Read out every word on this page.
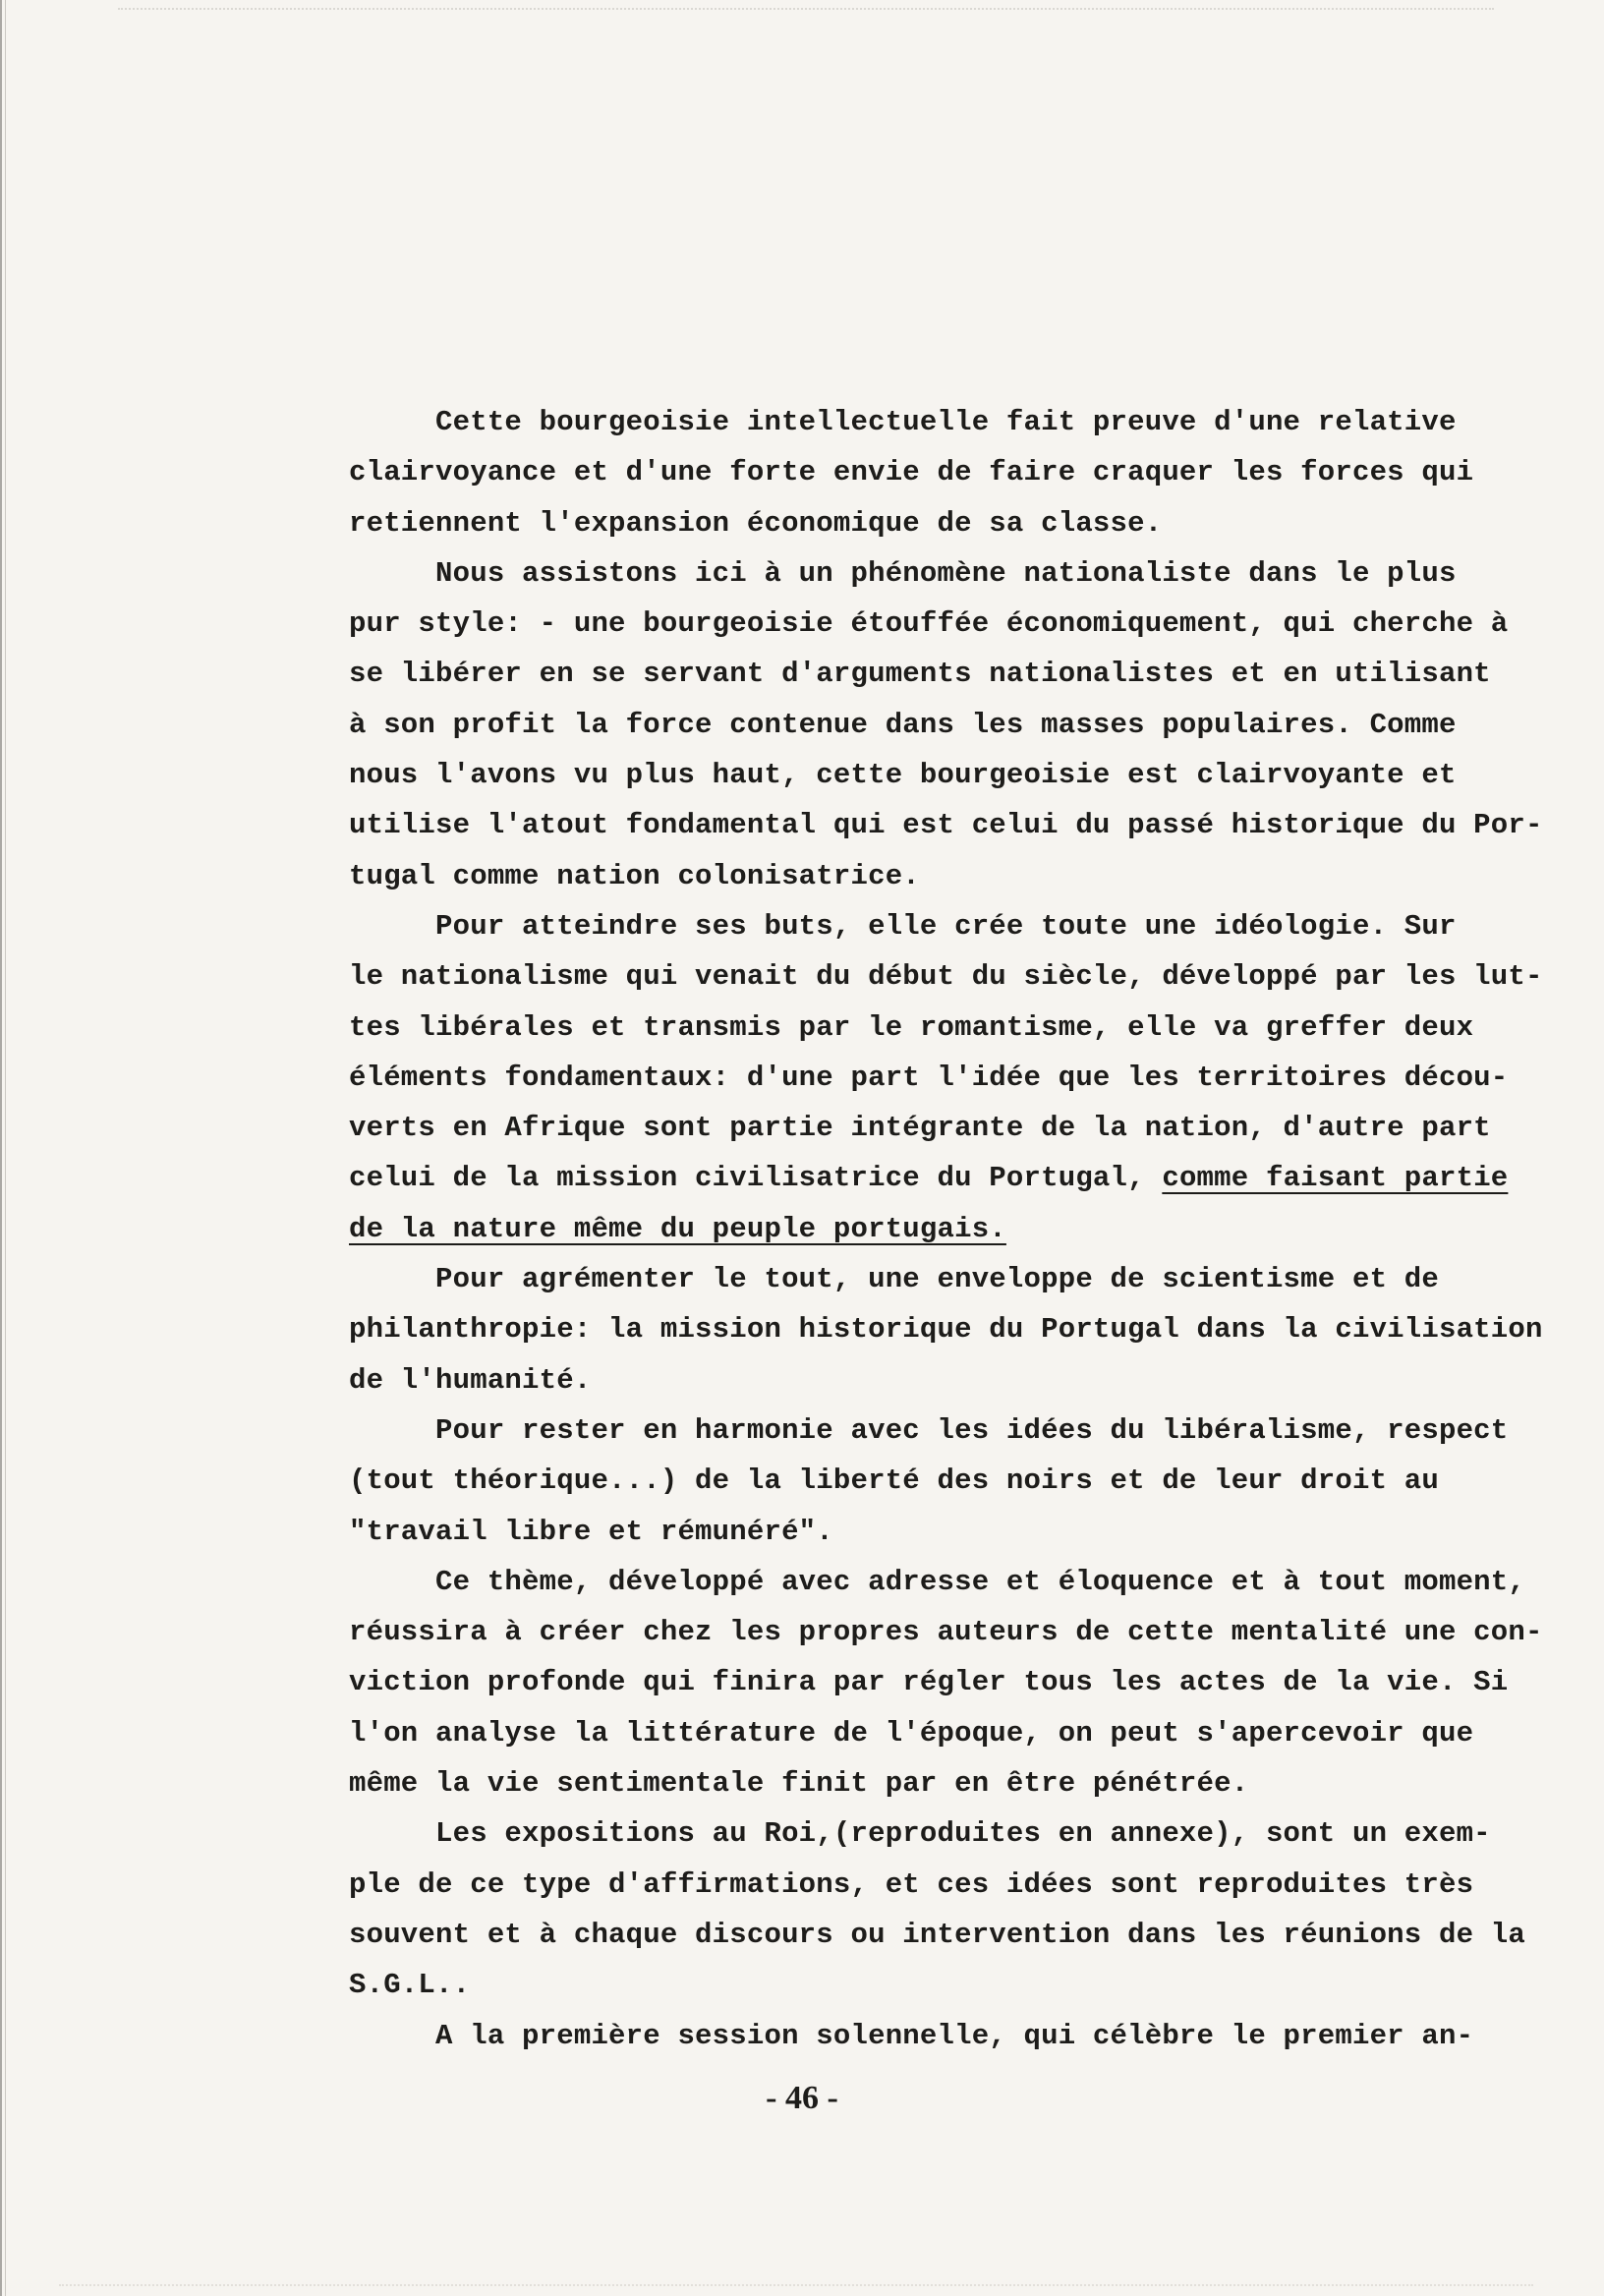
Cette bourgeoisie intellectuelle fait preuve d'une relative
clairvoyance et d'une forte envie de faire craquer les forces qui
retiennent l'expansion économique de sa classe.
Nous assistons ici à un phénomène nationaliste dans le plus
pur style: - une bourgeoisie étouffée économiquement, qui cherche à
se libérer en se servant d'arguments nationalistes et en utilisant
à son profit la force contenue dans les masses populaires. Comme
nous l'avons vu plus haut, cette bourgeoisie est clairvoyante et
utilise l'atout fondamental qui est celui du passé historique du Por-
tugal comme nation colonisatrice.
Pour atteindre ses buts, elle crée toute une idéologie. Sur
le nationalisme qui venait du début du siècle, développé par les lut-
tes libérales et transmis par le romantisme, elle va greffer deux
éléments fondamentaux: d'une part l'idée que les territoires décou-
verts en Afrique sont partie intégrante de la nation, d'autre part
celui de la mission civilisatrice du Portugal, comme faisant partie
de la nature même du peuple portugais.
Pour agrémenter le tout, une enveloppe de scientisme et de
philanthropie: la mission historique du Portugal dans la civilisation
de l'humanité.
Pour rester en harmonie avec les idées du libéralisme, respect
(tout théorique...) de la liberté des noirs et de leur droit au
"travail libre et rémunéré".
Ce thème, développé avec adresse et éloquence et à tout moment,
réussira à créer chez les propres auteurs de cette mentalité une con-
viction profonde qui finira par régler tous les actes de la vie. Si
l'on analyse la littérature de l'époque, on peut s'apercevoir que
même la vie sentimentale finit par en être pénétrée.
Les expositions au Roi,(reproduites en annexe), sont un exem-
ple de ce type d'affirmations, et ces idées sont reproduites très
souvent et à chaque discours ou intervention dans les réunions de la
S.G.L..
A la première session solennelle, qui célèbre le premier an-
- 46 -
